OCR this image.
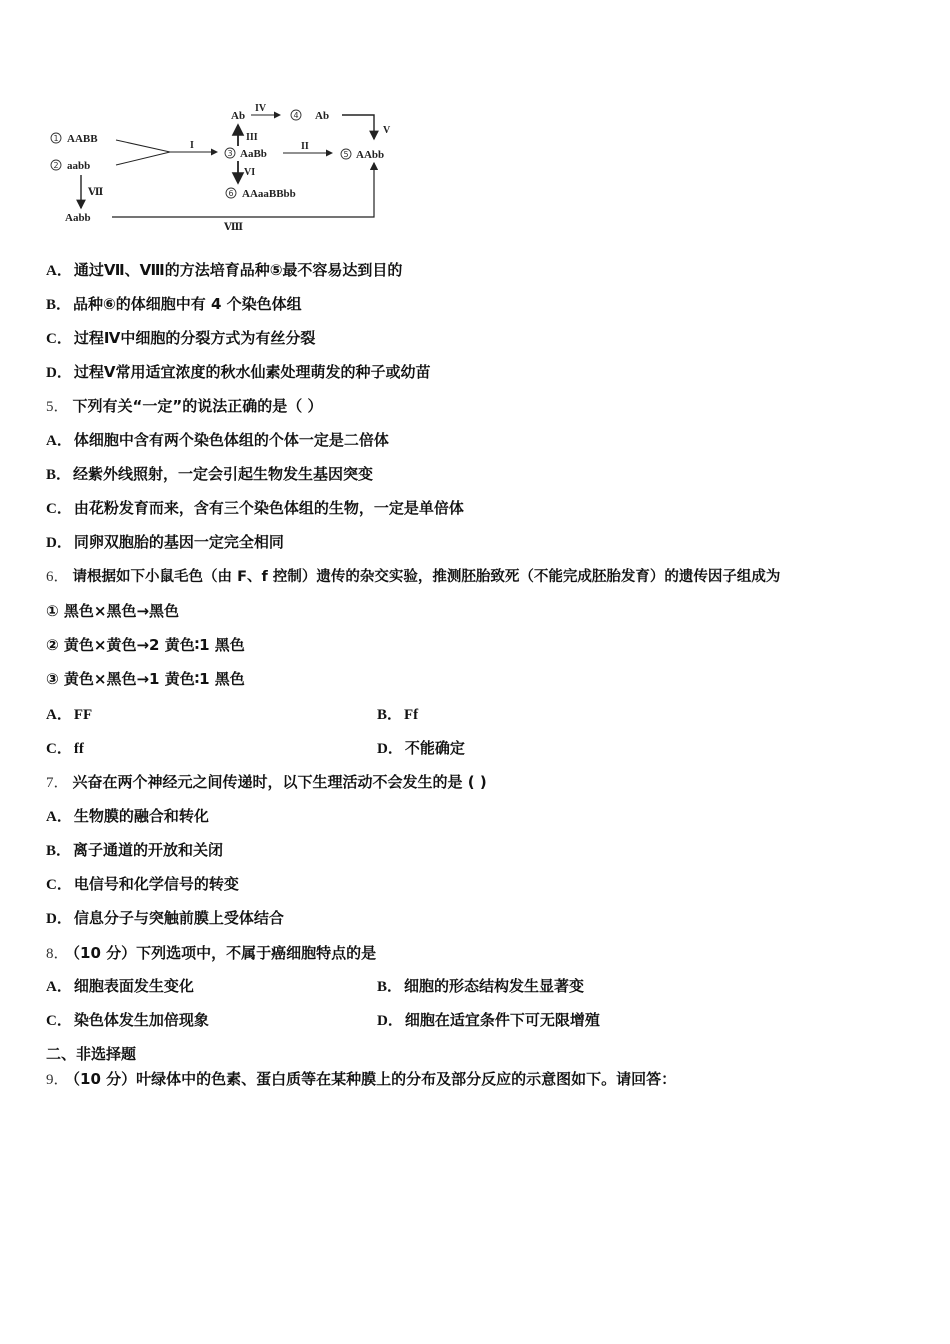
1 AABB
2 aabb
I
3 AaBb
II
5 AAbb
III
Ab
IV
4 Ab
V
VI
6 AAaaBBbb
Ⅶ
Aabb
Ⅷ
A． 通过Ⅶ、Ⅷ的方法培育品种⑤最不容易达到目的
B． 品种⑥的体细胞中有 4 个染色体组
C． 过程Ⅳ中细胞的分裂方式为有丝分裂
D． 过程Ⅴ常用适宜浓度的秋水仙素处理萌发的种子或幼苗
5． 下列有关“一定”的说法正确的是（ ）
A． 体细胞中含有两个染色体组的个体一定是二倍体
B． 经紫外线照射，一定会引起生物发生基因突变
C． 由花粉发育而来，含有三个染色体组的生物，一定是单倍体
D． 同卵双胞胎的基因一定完全相同
6． 请根据如下小鼠毛色（由 F、f 控制）遗传的杂交实验，推测胚胎致死（不能完成胚胎发育）的遗传因子组成为
① 黑色×黑色→黑色
② 黄色×黄色→2 黄色∶1 黑色
③ 黄色×黑色→1 黄色∶1 黑色
A． FF	B． Ff
C． ff	D． 不能确定
7． 兴奋在两个神经元之间传递时，以下生理活动不会发生的是 ( )
A． 生物膜的融合和转化
B． 离子通道的开放和关闭
C． 电信号和化学信号的转变
D． 信息分子与突触前膜上受体结合
8． （10 分）下列选项中，不属于癌细胞特点的是
A． 细胞表面发生变化	B． 细胞的形态结构发生显著变
C． 染色体发生加倍现象	D． 细胞在适宜条件下可无限增殖
二、非选择题
9． （10 分）叶绿体中的色素、蛋白质等在某种膜上的分布及部分反应的示意图如下。请回答：
